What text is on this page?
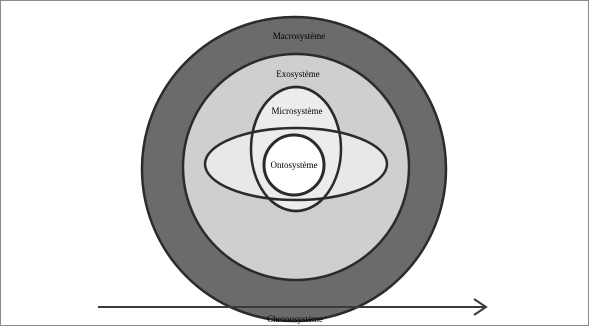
Macrosystème
Exosystème
Microsystème
Ontosystème
Chronosystème
